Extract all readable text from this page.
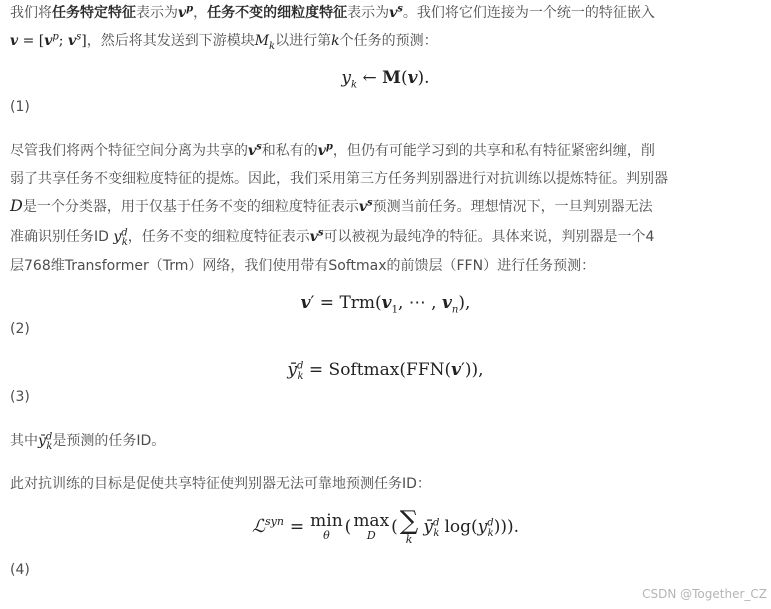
我们将任务特定特征表示为$v^p$，任务不变的细粒度特征表示为$v^s$。我们将它们连接为一个统一的特征嵌入
$v = [v^p$; $v^s$]，然后将其发送到下游模块$M_k$以进行第k个任务的预测：
$y_k$ ← M(v).
(1)
尽管我们将两个特征空间分离为共享的$v^s$和私有的$v^p$，但仍有可能学习到的共享和私有特征紧密纠缠，削
弱了共享任务不变细粒度特征的提炼。因此，我们采用第三方任务判别器进行对抗训练以提炼特征。判别器
D是一个分类器，用于仅基于任务不变的细粒度特征表示$v^s$预测当前任务。理想情况下，一旦判别器无法
准确识别任务ID $y^d_k$，任务不变的细粒度特征表示$v^s$可以被视为最纯净的特征。具体来说，判别器是一个4
层768维Transformer（Trm）网络，我们使用带有Softmax的前馈层（FFN）进行任务预测：
$v' = Trm(v_1$, ⋯ , $v_n$),
(2)
$ȳ^d_k$ = Softmax(FFN(v′)),
(3)
其中$ȳ^d_k$是预测的任务ID。
此对抗训练的目标是促使共享特征使判别器无法可靠地预测任务ID：
ℒ$^{syn}$ = min
θ ( max
D ( ∑
k
$ȳ^d_k$ $\log(y^d_k)$)).
(4)
CSDN @Together_CZ
